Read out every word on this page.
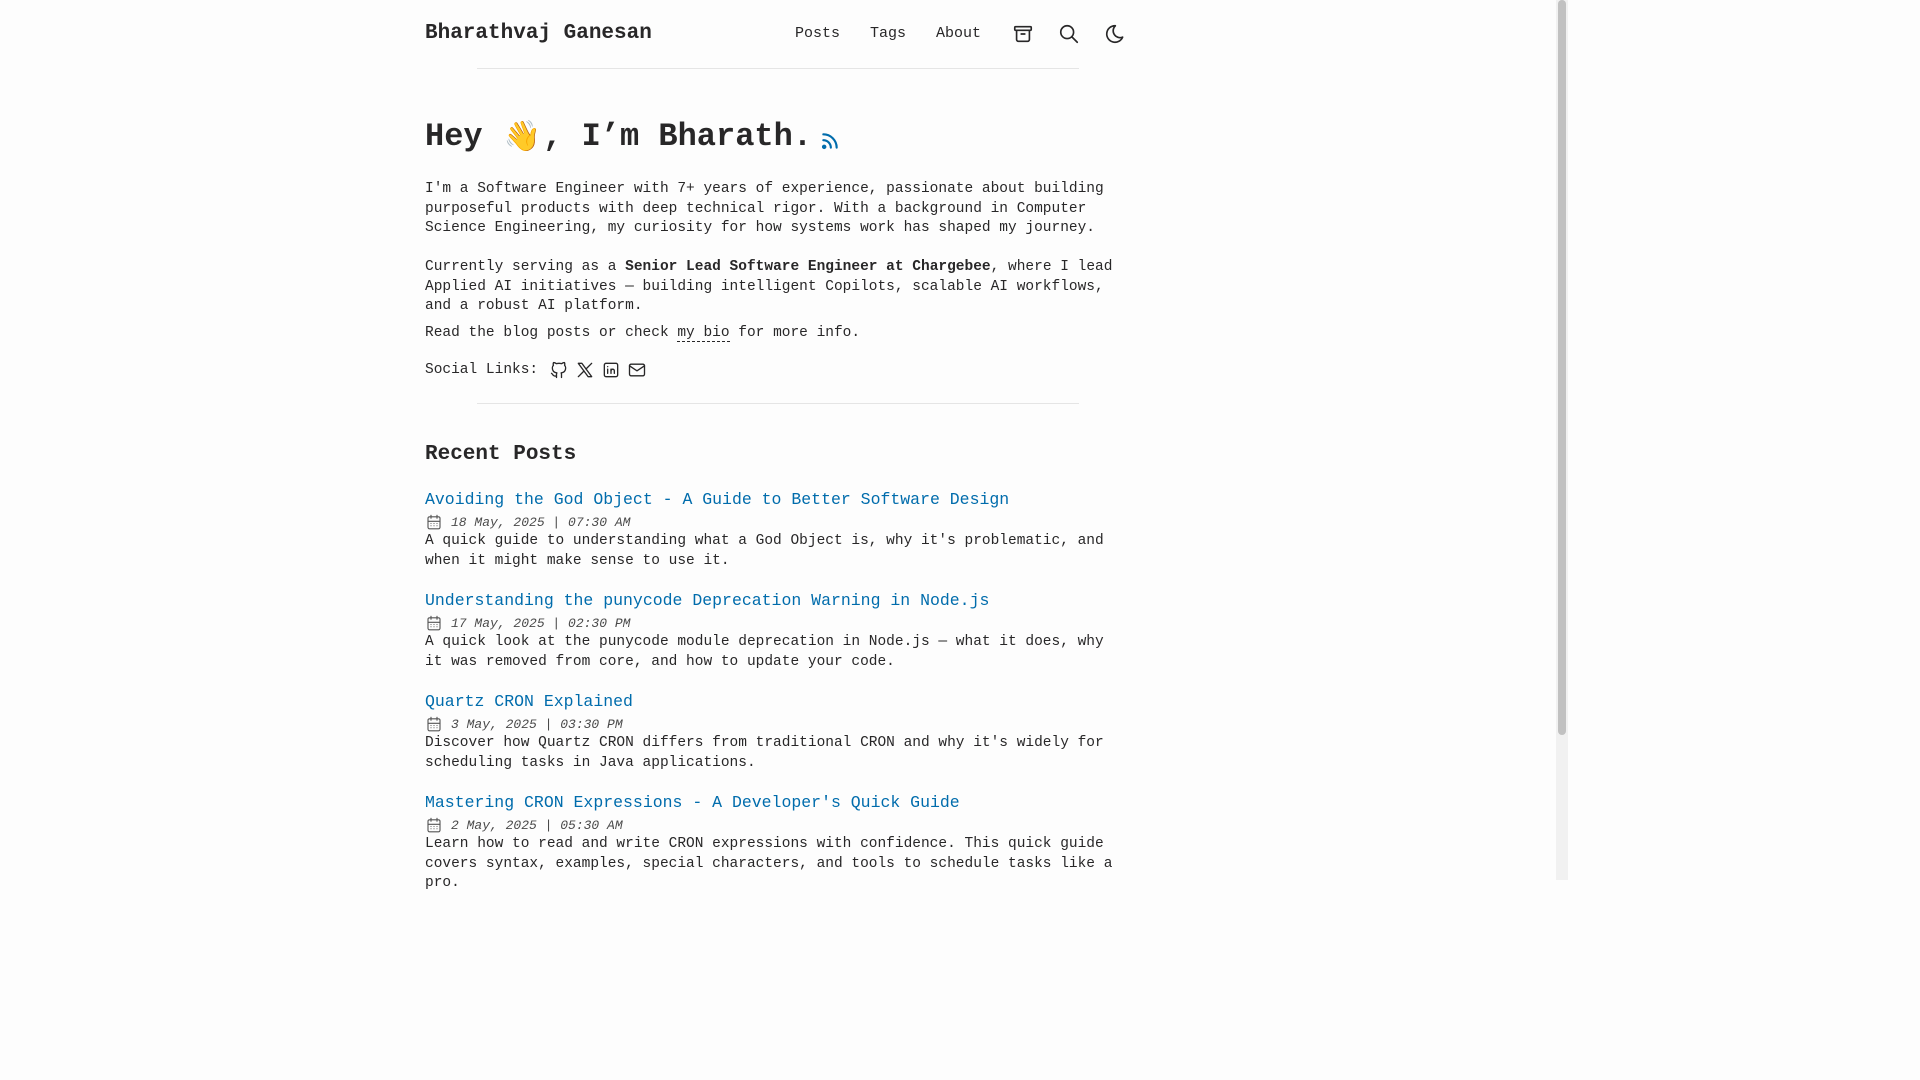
Bharathvaj Ganesan	Posts Tags About
Hey
👋 , I’m Bharath.

I'm a Software Engineer with 7+ years of experience, passionate about building purposeful products with deep technical rigor. With a background in Computer Science Engineering, my curiosity for how systems work has shaped my journey.

Currently serving as a Senior Lead Software Engineer at Chargebee, where I lead Applied AI initiatives — building intelligent Copilots, scalable AI workflows, and a robust AI platform.

Read the blog posts or check my bio for more info.

Social Links:
Recent Posts
Avoiding the God Object - A Guide to Better Software Design
18 May, 2025 | 07:30 AM

A quick guide to understanding what a God Object is, why it's problematic, and when it might make sense to use it.

Understanding the punycode Deprecation Warning in Node.js
17 May, 2025 | 02:30 PM

A quick look at the punycode module deprecation in Node.js — what it does, why it was removed from core, and how to update your code.

Quartz CRON Explained
3 May, 2025 | 03:30 PM

Discover how Quartz CRON differs from traditional CRON and why it's widely for scheduling tasks in Java applications.

Mastering CRON Expressions - A Developer's Quick Guide
2 May, 2025 | 05:30 AM

Learn how to read and write CRON expressions with confidence. This quick guide covers syntax, examples, special characters, and tools to schedule tasks like a pro.
